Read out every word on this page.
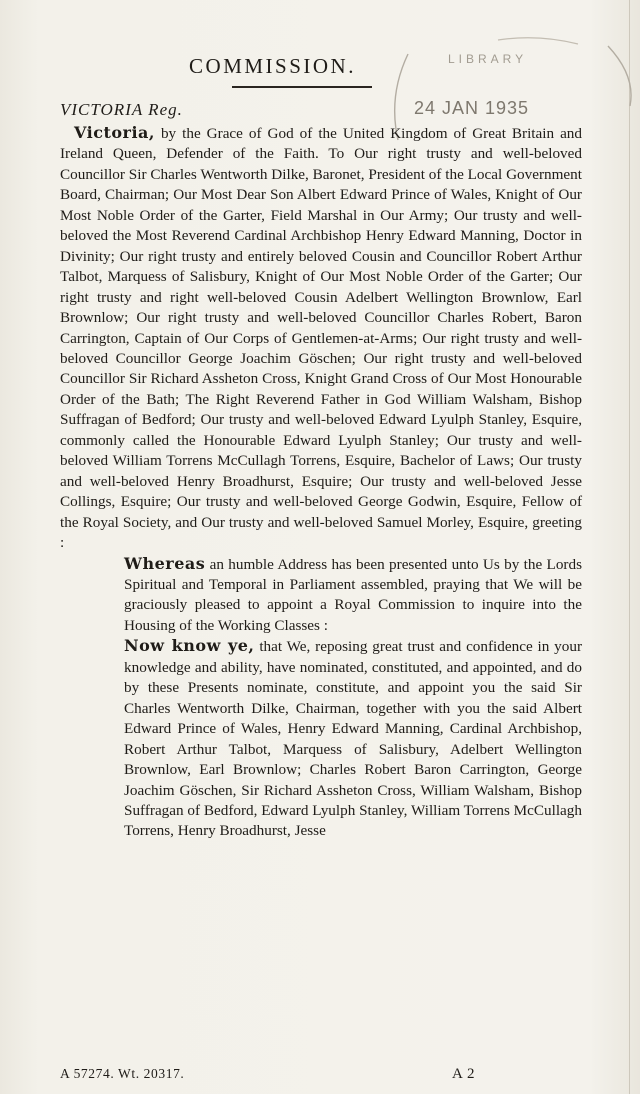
COMMISSION.
VICTORIA Reg.
LIBRARY
24 JAN 1935

Victoria, by the Grace of God of the United Kingdom of Great Britain and Ireland Queen, Defender of the Faith. To Our right trusty and well-beloved Councillor Sir Charles Wentworth Dilke, Baronet, President of the Local Government Board, Chairman; Our Most Dear Son Albert Edward Prince of Wales, Knight of Our Most Noble Order of the Garter, Field Marshal in Our Army; Our trusty and well-beloved the Most Reverend Cardinal Archbishop Henry Edward Manning, Doctor in Divinity; Our right trusty and entirely beloved Cousin and Councillor Robert Arthur Talbot, Marquess of Salisbury, Knight of Our Most Noble Order of the Garter; Our right trusty and right well-beloved Cousin Adelbert Wellington Brownlow, Earl Brownlow; Our right trusty and well-beloved Councillor Charles Robert, Baron Carrington, Captain of Our Corps of Gentlemen-at-Arms; Our right trusty and well-beloved Councillor George Joachim Göschen; Our right trusty and well-beloved Councillor Sir Richard Assheton Cross, Knight Grand Cross of Our Most Honourable Order of the Bath; The Right Reverend Father in God William Walsham, Bishop Suffragan of Bedford; Our trusty and well-beloved Edward Lyulph Stanley, Esquire, commonly called the Honourable Edward Lyulph Stanley; Our trusty and well-beloved William Torrens McCullagh Torrens, Esquire, Bachelor of Laws; Our trusty and well-beloved Henry Broadhurst, Esquire; Our trusty and well-beloved Jesse Collings, Esquire; Our trusty and well-beloved George Godwin, Esquire, Fellow of the Royal Society, and Our trusty and well-beloved Samuel Morley, Esquire, greeting :

Whereas an humble Address has been presented unto Us by the Lords Spiritual and Temporal in Parliament assembled, praying that We will be graciously pleased to appoint a Royal Commission to inquire into the Housing of the Working Classes :

Now know ye, that We, reposing great trust and confidence in your knowledge and ability, have nominated, constituted, and appointed, and do by these Presents nominate, constitute, and appoint you the said Sir Charles Wentworth Dilke, Chairman, together with you the said Albert Edward Prince of Wales, Henry Edward Manning, Cardinal Archbishop, Robert Arthur Talbot, Marquess of Salisbury, Adelbert Wellington Brownlow, Earl Brownlow; Charles Robert Baron Carrington, George Joachim Göschen, Sir Richard Assheton Cross, William Walsham, Bishop Suffragan of Bedford, Edward Lyulph Stanley, William Torrens McCullagh Torrens, Henry Broadhurst, Jesse

A 57274. Wt. 20317.	A 2
